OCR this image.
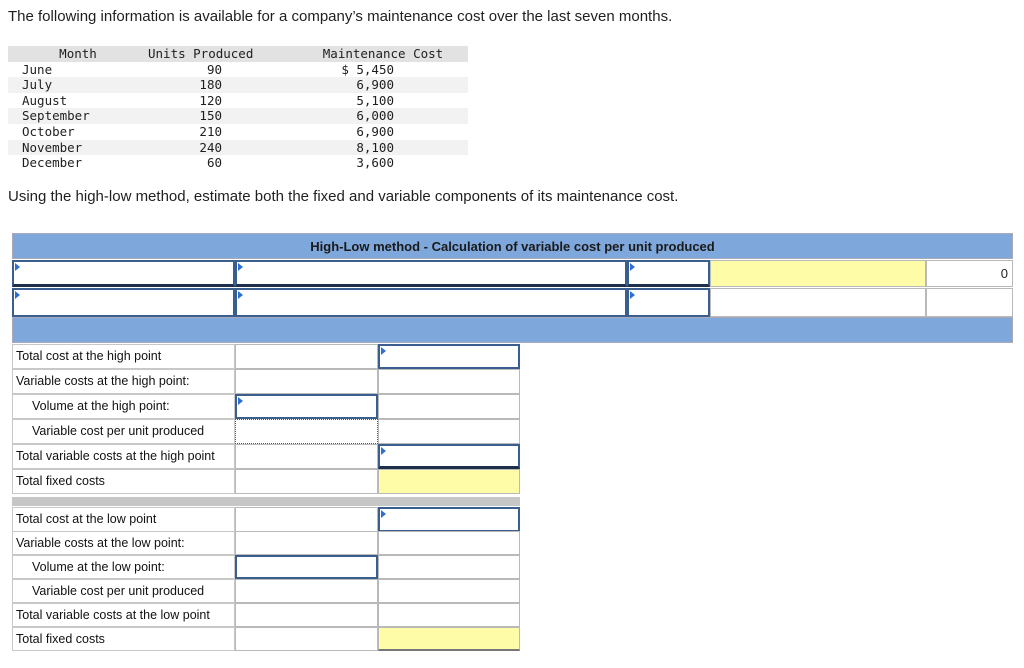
The following information is available for a company’s maintenance cost over the last seven months.
Month	Units Produced	Maintenance Cost
June	90	$ 5,450
July	180	6,900
August	120	5,100
September	150	6,000
October	210	6,900
November	240	8,100
December	60	3,600
Using the high-low method, estimate both the fixed and variable components of its maintenance cost.
High-Low method - Calculation of variable cost per unit produced
0
Total cost at the high point
Variable costs at the high point:
Volume at the high point:
Variable cost per unit produced
Total variable costs at the high point
Total fixed costs
Total cost at the low point
Variable costs at the low point:
Volume at the low point:
Variable cost per unit produced
Total variable costs at the low point
Total fixed costs
